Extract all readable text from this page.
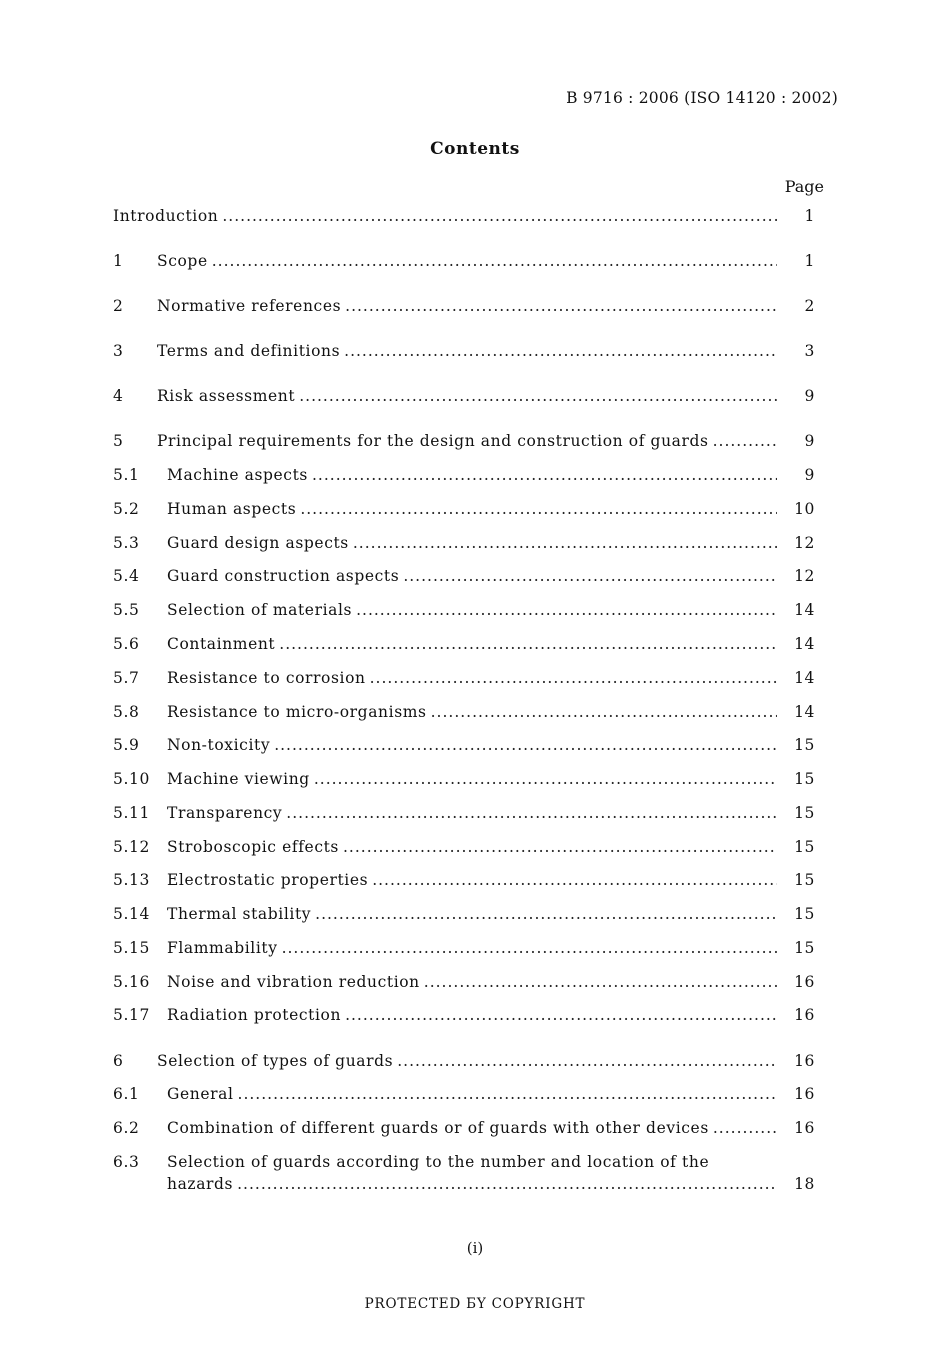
B 9716 : 2006 (ISO 14120 : 2002)
Contents
Page
Introduction .....	1
1 Scope .....	1
2 Normative references .....	2
3 Terms and definitions .....	3
4 Risk assessment .....	9
5 Principal requirements for the design and construction of guards .....	9
5.1 Machine aspects .....	9
5.2 Human aspects .....	10
5.3 Guard design aspects .....	12
5.4 Guard construction aspects .....	12
5.5 Selection of materials .....	14
5.6 Containment .....	14
5.7 Resistance to corrosion .....	14
5.8 Resistance to micro-organisms .....	14
5.9 Non-toxicity .....	15
5.10 Machine viewing .....	15
5.11 Transparency .....	15
5.12 Stroboscopic effects .....	15
5.13 Electrostatic properties .....	15
5.14 Thermal stability .....	15
5.15 Flammability .....	15
5.16 Noise and vibration reduction .....	16
5.17 Radiation protection .....	16
6 Selection of types of guards .....	16
6.1 General .....	16
6.2 Combination of different guards or of guards with other devices .....	16
6.3 Selection of guards according to the number and location of the
hazards .....	18
(i)
PROTECTED БY COPYRIGHT
